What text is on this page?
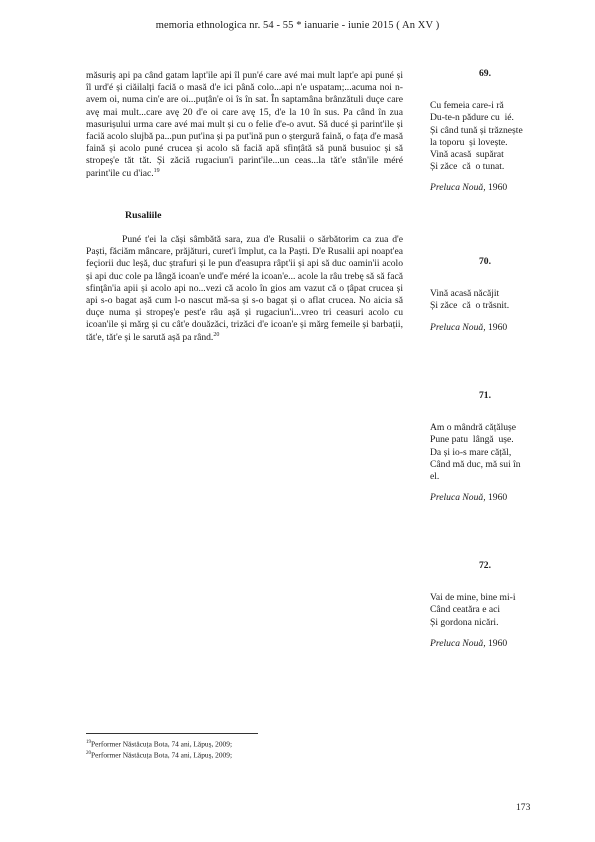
memoria ethnologica nr. 54 - 55 * ianuarie - iunie 2015 ( An XV )

măsuriș api pa când gatam lapt'ile api îl pun'é care avé mai mult lapt'e api puné și îl urd'é și ciăilalți faciă o masă d'e ici până colo...api n'e uspatam;...acuma noi n-avem oi, numa cin'e are oi...puțân'e oi îs în sat. În saptamâna brânzătuli duçe care avę mai mult...care avę 20 d'e oi care avę 15, d'e la 10 în sus. Pa când în zua masurișului urma care avé mai mult și cu o felie d'e-o avut. Să ducé și parint'ile și faciă acolo slujbă pa...pun put'ina și pa put'ină pun o ștergură faină, o fața d'e masă faină și acolo puné crucea și acolo să faciă apă sfințâtă să pună busuioc și să stropeș'e tăt tăt. Și zăciă rugaciun'i parint'ile...un ceas...la tăt'e stân'ile méré parint'ile cu d'iac.$^{19}$

Rusaliile

Puné t'ei la căși sâmbătă sara, zua d'e Rusalii o sărbătorim ca zua d'e Paști, făciăm mâncare, prăjături, curet'i împlut, ca la Paști. D'e Rusalii api noapt'ea feçiorii duc leșă, duc ștrafuri și le pun d'easupra râpt'ii și api să duc oamin'ii acolo și api duc cole pa lângă icoan'e und'e méré la icoan'e... acole la râu trebę să să facă sfinţân'ia apii și acolo api no...vezi că acolo în gios am vazut că o țâpat crucea și api s-o bagat așă cum l-o nascut mă-sa și s-o bagat și o aflat crucea. No aicia să duçe numa și stropeș'e pest'e râu așă și rugaciun'i...vreo tri ceasuri acolo cu icoan'ile și mărg și cu cât'e douăzăci, trizăci d'e icoan'e și mărg femeile și barbații, tăt'e, tăt'e și le sarută așă pa rând.$^{20}$

69.
Cu femeia care-i ră
Du-te-n pădure cu  ié.
Și când tună și trăznește
la toporu  și lovește.
Vină acasă  supărat
Și zăce  că  o tunat.
Preluca Nouă, 1960
70.
Vină acasă năcăjit
Și zăce  că  o trăsnit.
Preluca Nouă, 1960
71.
Am o mândră cățălușe
Pune patu  lângă  ușe.
Da și io-s mare cățăl,
Când mă duc, mă sui în
el.
Preluca Nouă, 1960
72.
Vai de mine, bine mi-i
Când ceatăra e aci
Și gordona nicări.
Preluca Nouă, 1960
$^{19}$Performer Năstăcuța Bota, 74 ani, Lăpuș, 2009;
$^{20}$Performer Năstăcuța Bota, 74 ani, Lăpuș, 2009;
173
